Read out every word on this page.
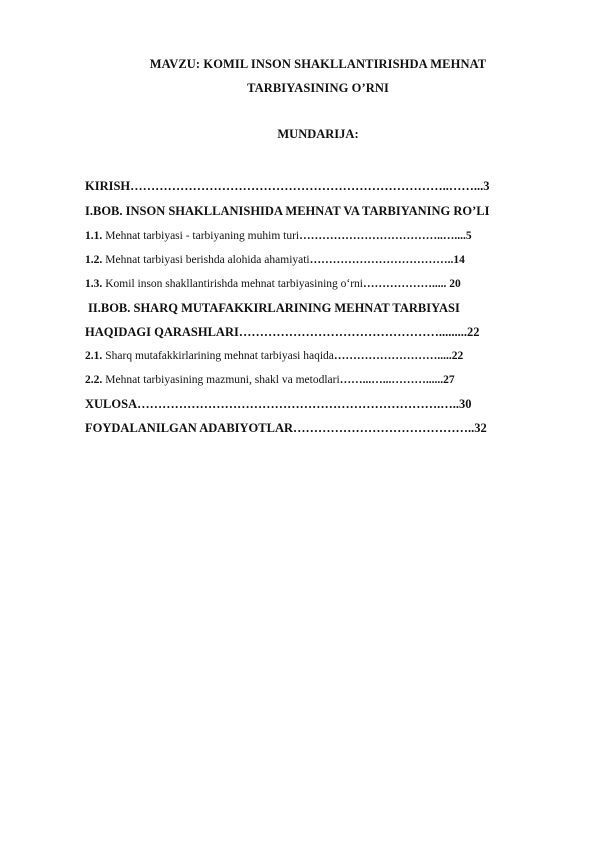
MAVZU: KOMIL INSON SHAKLLANTIRISHDA MEHNAT
TARBIYASINING O’RNI
MUNDARIJA:
KIRISH…………………………………………………………………..……...3
I.BOB. INSON SHAKLLANISHIDA MEHNAT VA TARBIYANING RO’LI
1.1. Mehnat tarbiyasi - tarbiyaning muhim turi………………………………..…....5
1.2. Mehnat tarbiyasi berishda alohida ahamiyati………………………………..14
1.3. Komil inson shakllantirishda mehnat tarbiyasining o‘rni………………..... 20
II.BOB. SHARQ MUTAFAKKIRLARINING MEHNAT TARBIYASI
HAQIDAGI QARASHLARI………………………………………….........22
2.1. Sharq mutafakkirlarining mehnat tarbiyasi haqida……………………….....22
2.2. Mehnat tarbiyasining mazmuni, shakl va metodlari……...…...………......27
XULOSA……………………………………………………………….…..30
FOYDALANILGAN ADABIYOTLAR……………………………………..32
